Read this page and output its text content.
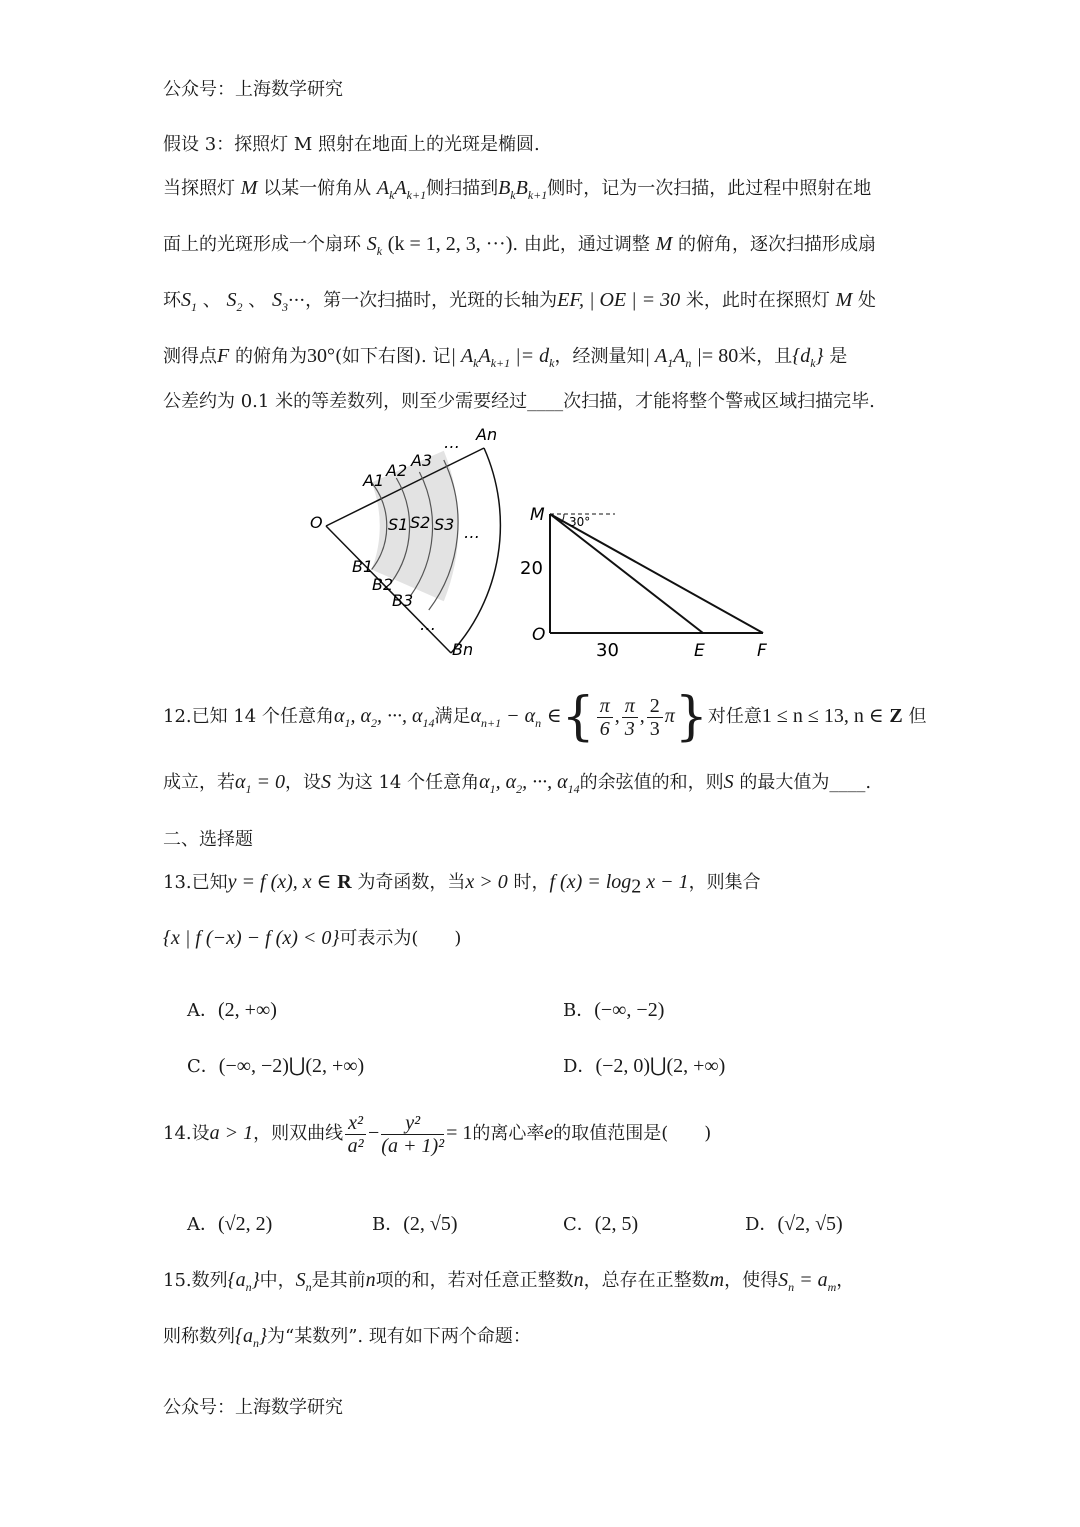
公众号：上海数学研究
假设 3：探照灯 M 照射在地面上的光斑是椭圆.
当探照灯 M 以某一俯角从 $A_kA_{k+1}$侧扫描到$B_kB_{k+1}$侧时，记为一次扫描，此过程中照射在地
面上的光斑形成一个扇环 $S_k$ (k = 1, 2, 3, ···). 由此，通过调整 M 的俯角，逐次扫描形成扇
环$S_1$ 、 $S_2$ 、 $S_3\cdot\cdot\cdot$，第一次扫描时，光斑的长轴为EF, | OE | = 30 米，此时在探照灯 M 处
测得点F 的俯角为30°(如下右图). 记| $A_kA_{k+1}$ |= $d_k$，经测量知| $A_1A_n$ |= 80米，且$\{d_k\}$ 是
公差约为 0.1 米的等差数列，则至少需要经过____次扫描，才能将整个警戒区域扫描完毕.
O
A1
A2
A3
… An
S1 S2 S3 …
B1
B2
B3
…
Bn
M 30°
20
O
30	E	F
12.已知 14 个任意角$\alpha_1$, $\alpha_2$, ···, $\alpha_{14}$满足$\alpha_{n+1} - \alpha_n$ ∈{ $\frac{\pi}{6}$ , $\frac{\pi}{3}$ , $\frac{2}{3} \pi$}对任意1 ≤ n ≤ 13, n ∈ Z 但
成立，若$\alpha_1 = 0$，设S 为这 14 个任意角$\alpha_1$, $\alpha_2$, ···, $\alpha_{14}$的余弦值的和，则S 的最大值为____.
二、选择题
13.已知y = f (x), x ∈ R 为奇函数，当x > 0 时，f $(x) = \log_2 x - 1$，则集合
{x | f (−x) − f (x) < 0}可表示为(　　)
A．(2, +∞)	B．(−∞, −2)
C．(−∞, −2)⋃(2, +∞)	D．(−2, 0)⋃(2, +∞)
14.设a > 1，则双曲线 $\frac{\text{x²}}{\text{a²}} - \frac{\text{y²}}{\text{(a + 1)²}} = 1$的离心率e的取值范围是(　　)
A．(√2, 2)	B．(2, √5)	C．(2, 5)	D．(√2, √5)
15.数列$\{a_n\}$中，$S_n$是其前n项的和，若对任意正整数n，总存在正整数m，使得$S_n = a_m$，
则称数列$\{a_n\}$为“某数列”. 现有如下两个命题：
公众号：上海数学研究
